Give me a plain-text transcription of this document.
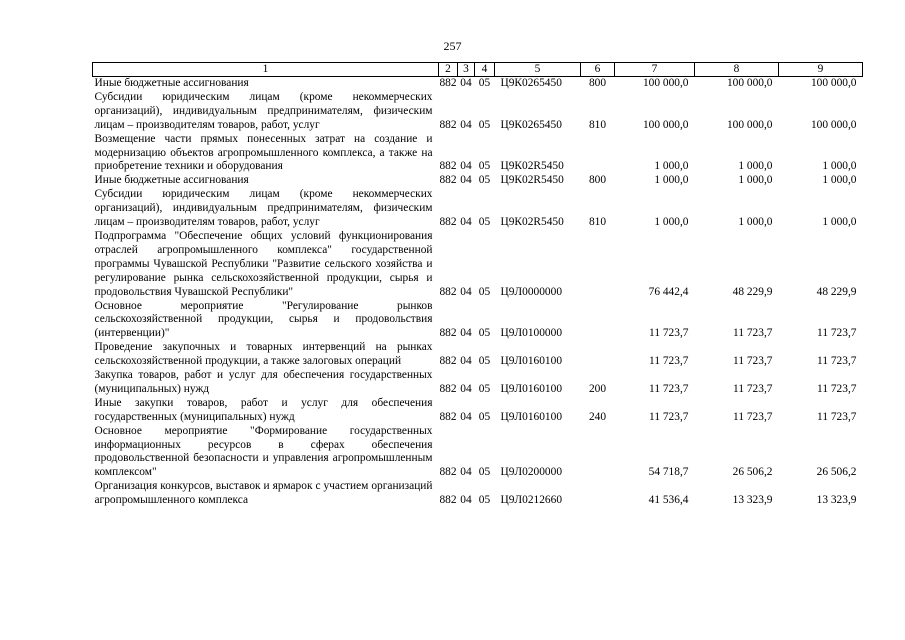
257
1	2	3	4	5	6	7	8	9
Иные бюджетные ассигнования	882	04	05	Ц9К0265450	800	100 000,0	100 000,0	100 000,0
Субсидии юридическим лицам (кроме некоммерческих организаций), индивидуальным предпринимателям, физическим лицам – производителям товаров, работ, услуг	882	04	05	Ц9К0265450	810	100 000,0	100 000,0	100 000,0
Возмещение части прямых понесенных затрат на создание и модернизацию объектов агропромышленного комплекса, а также на приобретение техники и оборудования	882	04	05	Ц9К02R5450		1 000,0	1 000,0	1 000,0
Иные бюджетные ассигнования	882	04	05	Ц9К02R5450	800	1 000,0	1 000,0	1 000,0
Субсидии юридическим лицам (кроме некоммерческих организаций), индивидуальным предпринимателям, физическим лицам – производителям товаров, работ, услуг	882	04	05	Ц9К02R5450	810	1 000,0	1 000,0	1 000,0
Подпрограмма "Обеспечение общих условий функционирования отраслей агропромышленного комплекса" государственной программы Чувашской Республики "Развитие сельского хозяйства и регулирование рынка сельскохозяйственной продукции, сырья и продовольствия Чувашской Республики"	882	04	05	Ц9Л0000000		76 442,4	48 229,9	48 229,9
Основное мероприятие "Регулирование рынков сельскохозяйственной продукции, сырья и продовольствия (интервенции)"	882	04	05	Ц9Л0100000		11 723,7	11 723,7	11 723,7
Проведение закупочных и товарных интервенций на рынках сельскохозяйственной продукции, а также залоговых операций	882	04	05	Ц9Л0160100		11 723,7	11 723,7	11 723,7
Закупка товаров, работ и услуг для обеспечения государственных (муниципальных) нужд	882	04	05	Ц9Л0160100	200	11 723,7	11 723,7	11 723,7
Иные закупки товаров, работ и услуг для обеспечения государственных (муниципальных) нужд	882	04	05	Ц9Л0160100	240	11 723,7	11 723,7	11 723,7
Основное мероприятие "Формирование государственных информационных ресурсов в сферах обеспечения продовольственной безопасности и управления агропромышленным комплексом"	882	04	05	Ц9Л0200000		54 718,7	26 506,2	26 506,2
Организация конкурсов, выставок и ярмарок с участием организаций агропромышленного комплекса	882	04	05	Ц9Л0212660		41 536,4	13 323,9	13 323,9
